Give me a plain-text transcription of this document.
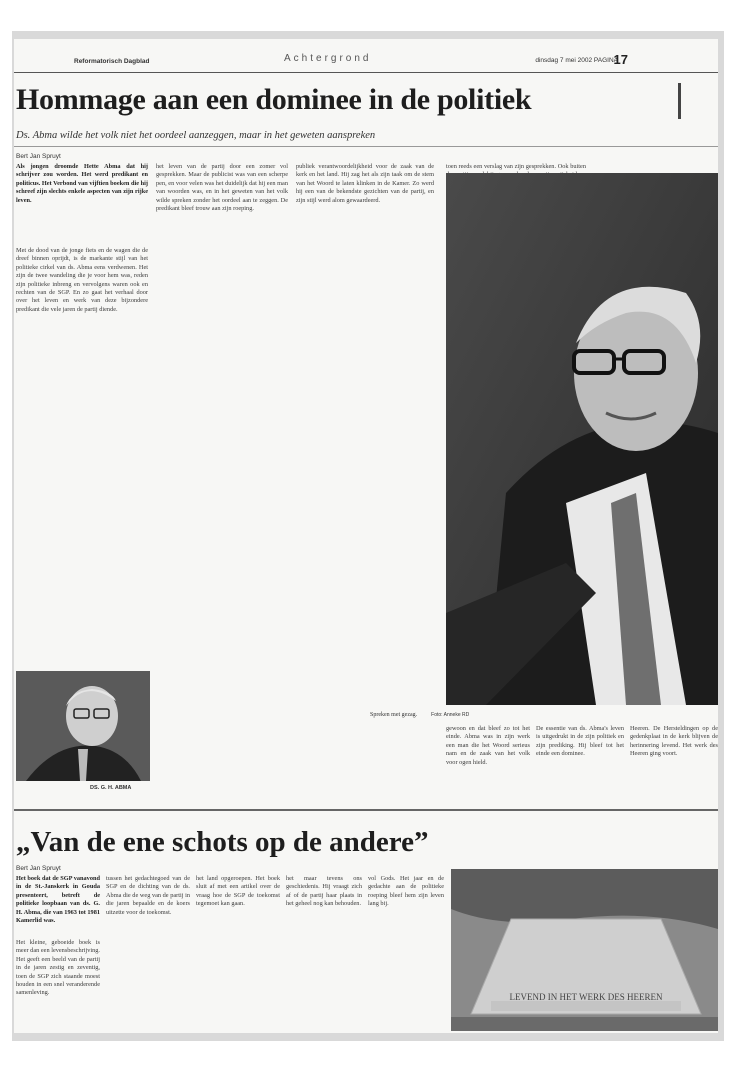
Reformatorisch Dagblad	Achtergrond	dinsdag 7 mei 2002 PAGINA
17
Hommage aan een dominee in de politiek
Ds. Abma wilde het volk niet het oordeel aanzeggen, maar in het geweten aanspreken
Bert Jan Spruyt
Als jongen droomde Hette Abma dat hij schrijver zou worden. Het werd predikant en politicus. Het Verbond van vijftien boeken die hij schreef zijn slechts enkele aspecten van zijn rijke leven.
Met de dood van de jonge fiets en de wagen die de dreef binnen oprijdt, is de markante stijl van het politieke cirkel van ds. Abma eens verdwenen. Het zijn de twee wandeling die je voor hem was, reden zijn politieke inbreng en vervolgens waren ook en rechten van de SGP. En zo gaat het verhaal door over het leven en werk van deze bijzondere predikant die vele jaren de partij diende.
het leven van de partij door een zomer vol gesprekken. Maar de publicist was van een scherpe pen, en voor velen was het duidelijk dat hij een man van woorden was, en in het geweten van het volk wilde spreken zonder het oordeel aan te zeggen. De predikant bleef trouw aan zijn roeping.
publiek verantwoordelijkheid voor de zaak van de kerk en het land. Hij zag het als zijn taak om de stem van het Woord te laten klinken in de Kamer. Zo werd hij een van de bekendste gezichten van de partij, en zijn stijl werd alom gewaardeerd.
toen reeds een verslag van zijn gesprekken. Ook buiten
gewoon en dat bleef zo tot het einde. Abma was in zijn werk een man die het Woord serieus nam en de zaak van het volk voor ogen hield.
De essentie van ds. Abma's leven is uitgedrukt in de zijn politiek en zijn prediking. Hij bleef tot het einde een dominee.
Heeren. De Hersteldingen op de gedenkplaat in de kerk blijven de herinnering levend. Het werk des Heeren ging voort.
Spreken met gezag.	Foto: Anneke RD
DS. G. H. ABMA
„Van de ene schots op de andere”
Bert Jan Spruyt
Het boek dat de SGP vanavond in de St.-Janskerk in Gouda presenteert, betreft de politieke loopbaan van ds. G. H. Abma, die van 1963 tot 1981 Kamerlid was.
Het kleine, geboeide boek is meer dan een levensbeschrijving. Het geeft een beeld van de partij in de jaren zestig en zeventig, toen de SGP zich staande moest houden in een snel veranderende samenleving.
tussen het gedachtegoed van de SGP en de dichting van de ds. Abma die de weg van de partij in die jaren bepaalde en de koers uitzette voor de toekomst.
het land opgeroepen. Het boek sluit af met een artikel over de vraag hoe de SGP de toekomst tegemoet kan gaan.
het maar tevens ons geschiedenis. Hij vraagt zich af of de partij haar plaats in het geheel nog kan behouden.
vol Gods. Het jaar en de gedachte aan de politieke roeping bleef hem zijn leven lang bij.
LEVEND IN HET WERK DES HEEREN
